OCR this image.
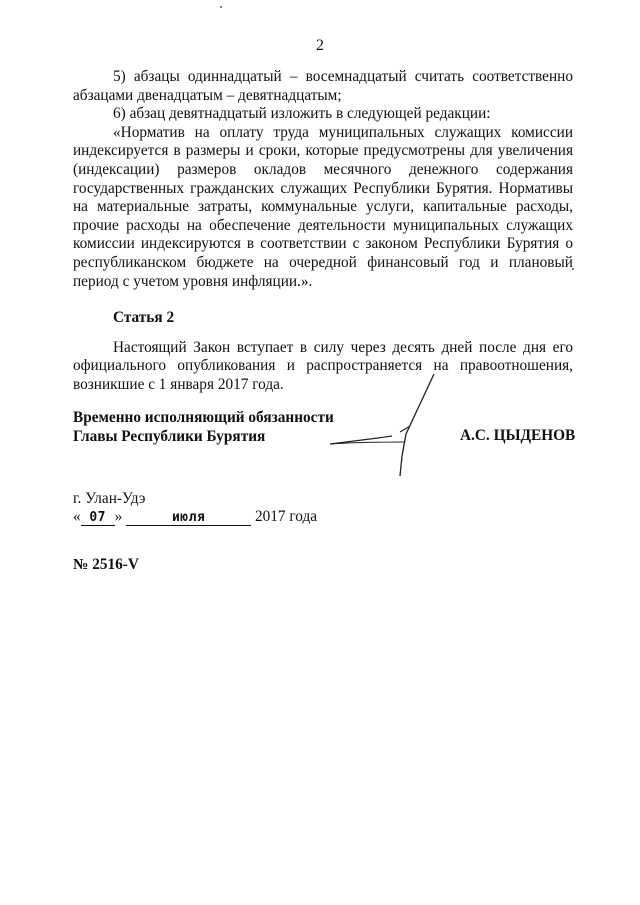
2

5) абзацы одиннадцатый – восемнадцатый считать соответственно абзацами двенадцатым – девятнадцатым;

6) абзац девятнадцатый изложить в следующей редакции:

«Норматив на оплату труда муниципальных служащих комиссии индексируется в размеры и сроки, которые предусмотрены для увеличения (индексации) размеров окладов месячного денежного содержания государственных гражданских служащих Республики Бурятия. Нормативы на материальные затраты, коммунальные услуги, капитальные расходы, прочие расходы на обеспечение деятельности муниципальных служащих комиссии индексируются в соответствии с законом Республики Бурятия о республиканском бюджете на очередной финансовый год и плановый период с учетом уровня инфляции.».

Статья 2

Настоящий Закон вступает в силу через десять дней после дня его официального опубликования и распространяется на правоотношения, возникшие с 1 января 2017 года.

Временно исполняющий обязанности
Главы Республики Бурятия	А.С. ЦЫДЕНОВ
г. Улан-Удэ
« 07 »	июля	2017 года
№ 2516-V
